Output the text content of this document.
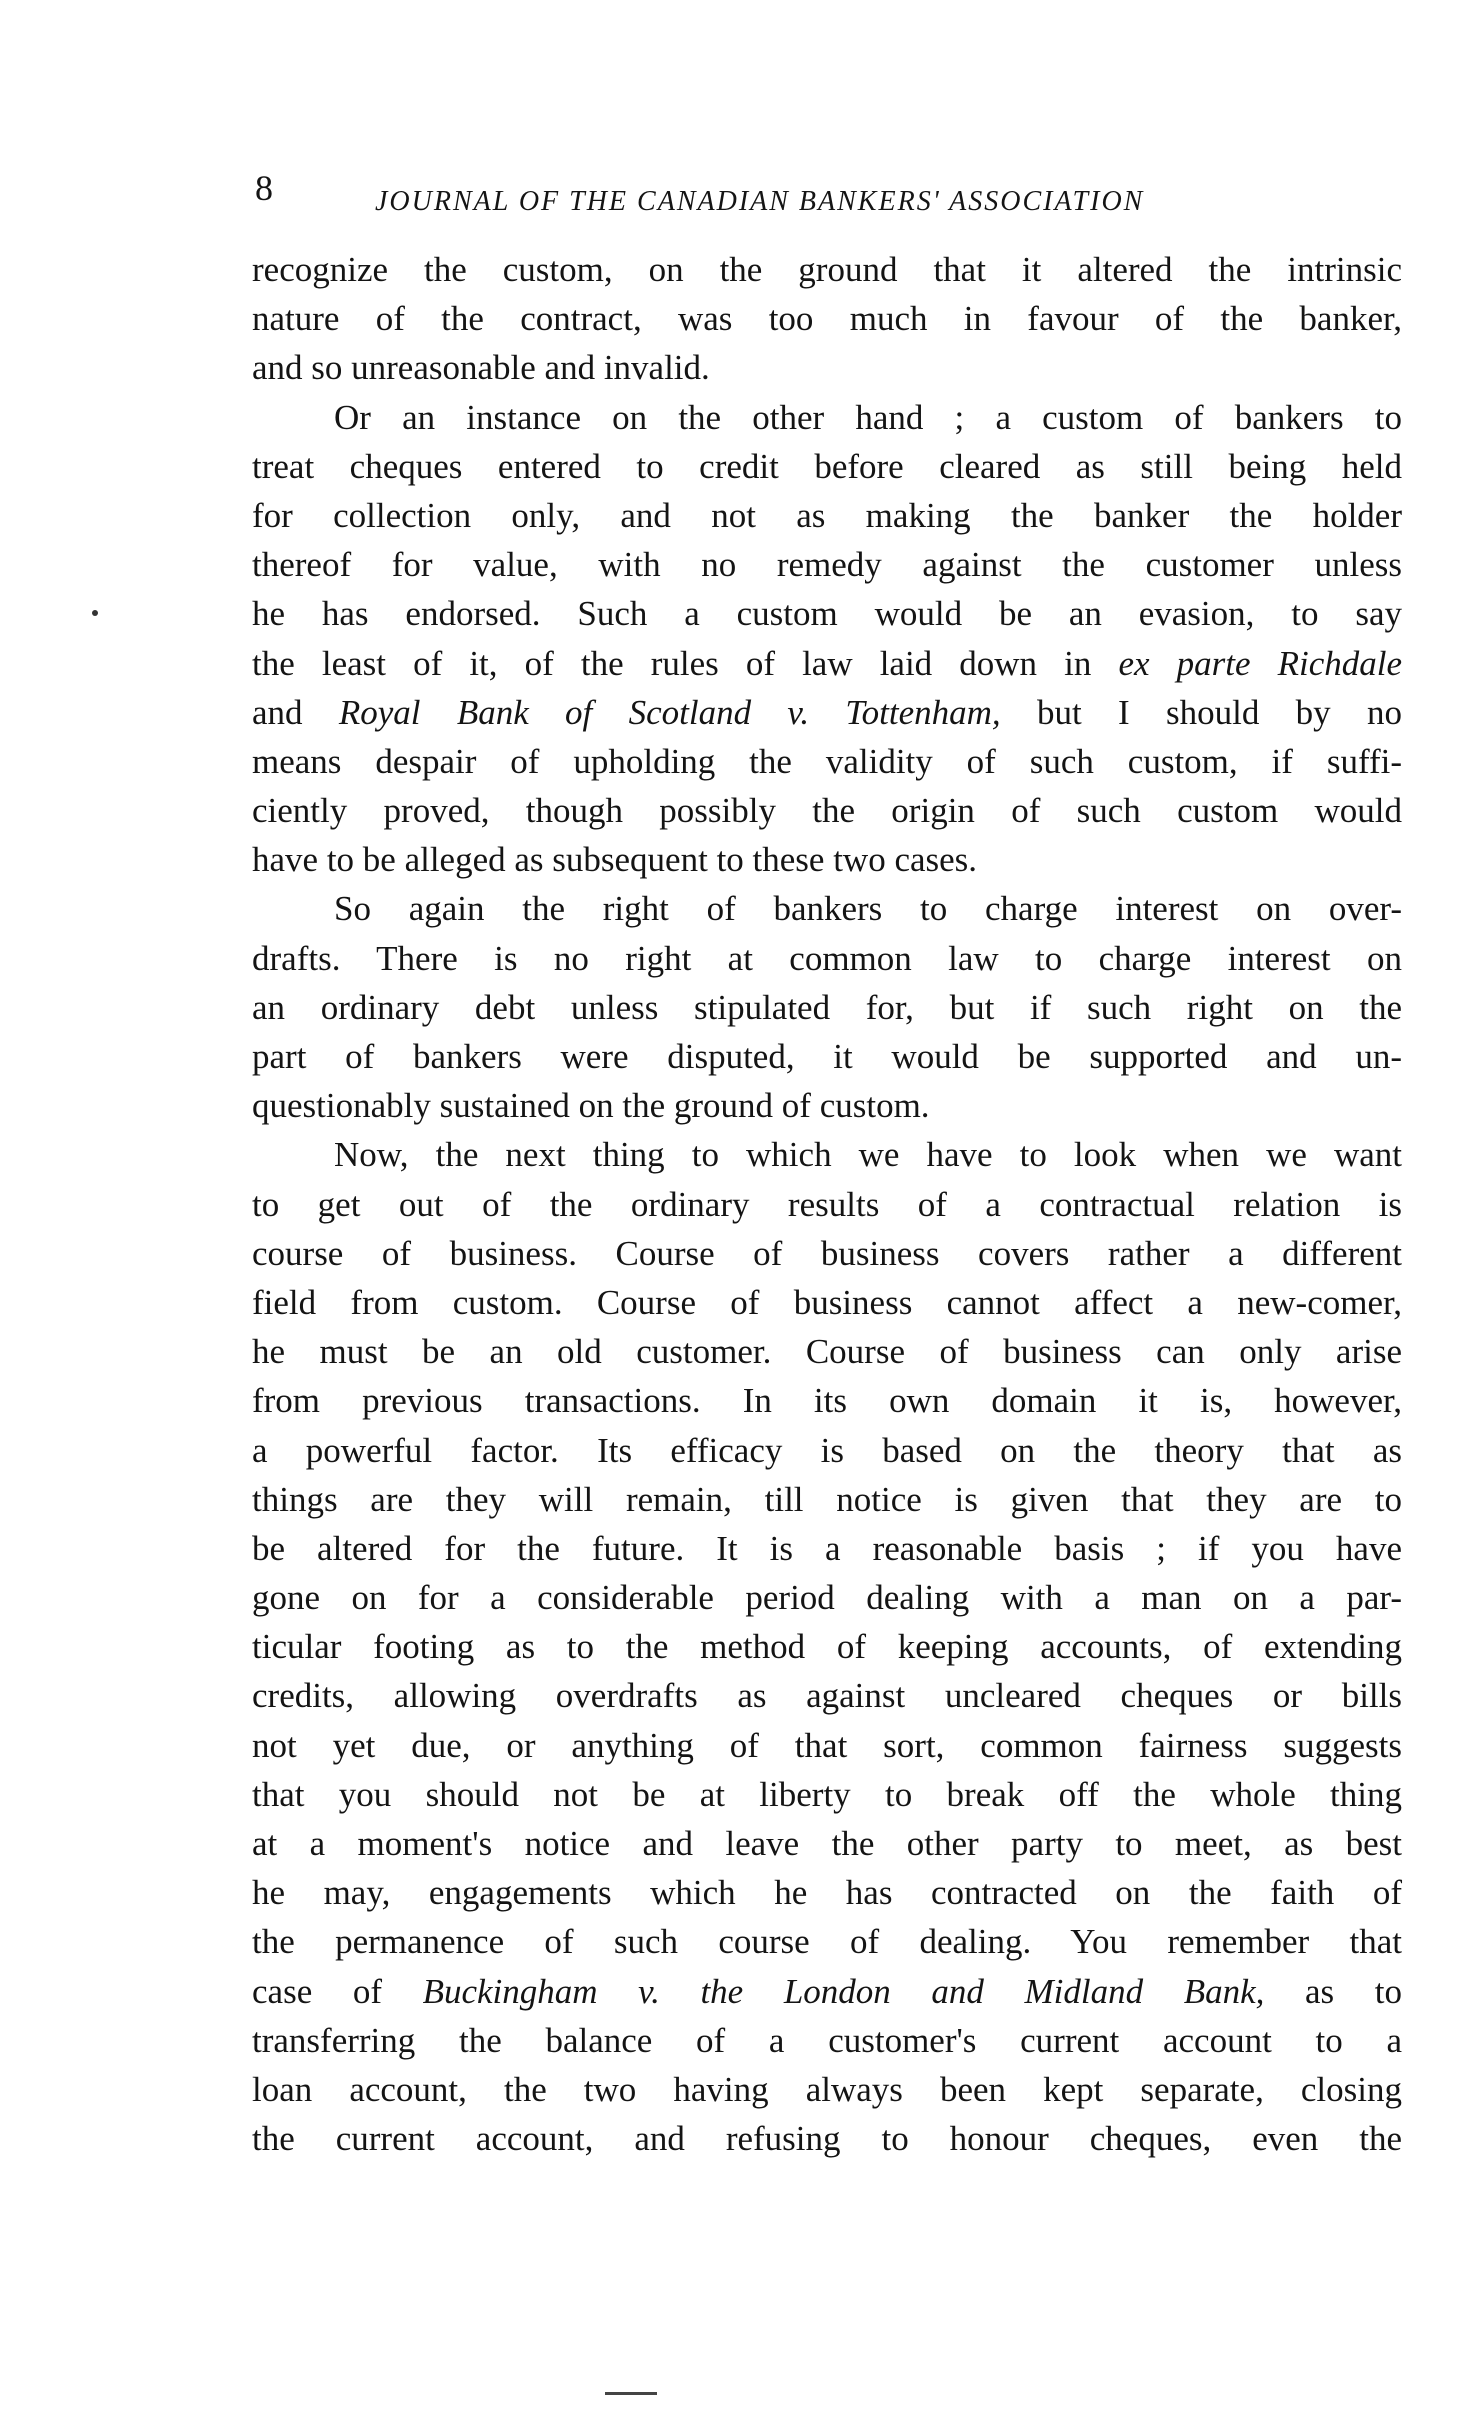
8	JOURNAL OF THE CANADIAN BANKERS' ASSOCIATION
recognize the custom, on the ground that it altered the intrinsic
nature of the contract, was too much in favour of the banker,
and so unreasonable and invalid.
Or an instance on the other hand ; a custom of bankers to
treat cheques entered to credit before cleared as still being held
for collection only, and not as making the banker the holder
thereof for value, with no remedy against the customer unless
he has endorsed. Such a custom would be an evasion, to say
the least of it, of the rules of law laid down in ex parte Richdale
and Royal Bank of Scotland v. Tottenham, but I should by no
means despair of upholding the validity of such custom, if suffi-
ciently proved, though possibly the origin of such custom would
have to be alleged as subsequent to these two cases.
So again the right of bankers to charge interest on over-
drafts. There is no right at common law to charge interest on
an ordinary debt unless stipulated for, but if such right on the
part of bankers were disputed, it would be supported and un-
questionably sustained on the ground of custom.
Now, the next thing to which we have to look when we want
to get out of the ordinary results of a contractual relation is
course of business. Course of business covers rather a different
field from custom. Course of business cannot affect a new-comer,
he must be an old customer. Course of business can only arise
from previous transactions. In its own domain it is, however,
a powerful factor. Its efficacy is based on the theory that as
things are they will remain, till notice is given that they are to
be altered for the future. It is a reasonable basis ; if you have
gone on for a considerable period dealing with a man on a par-
ticular footing as to the method of keeping accounts, of extending
credits, allowing overdrafts as against uncleared cheques or bills
not yet due, or anything of that sort, common fairness suggests
that you should not be at liberty to break off the whole thing
at a moment's notice and leave the other party to meet, as best
he may, engagements which he has contracted on the faith of
the permanence of such course of dealing. You remember that
case of Buckingham v. the London and Midland Bank, as to
transferring the balance of a customer's current account to a
loan account, the two having always been kept separate, closing
the current account, and refusing to honour cheques, even the
